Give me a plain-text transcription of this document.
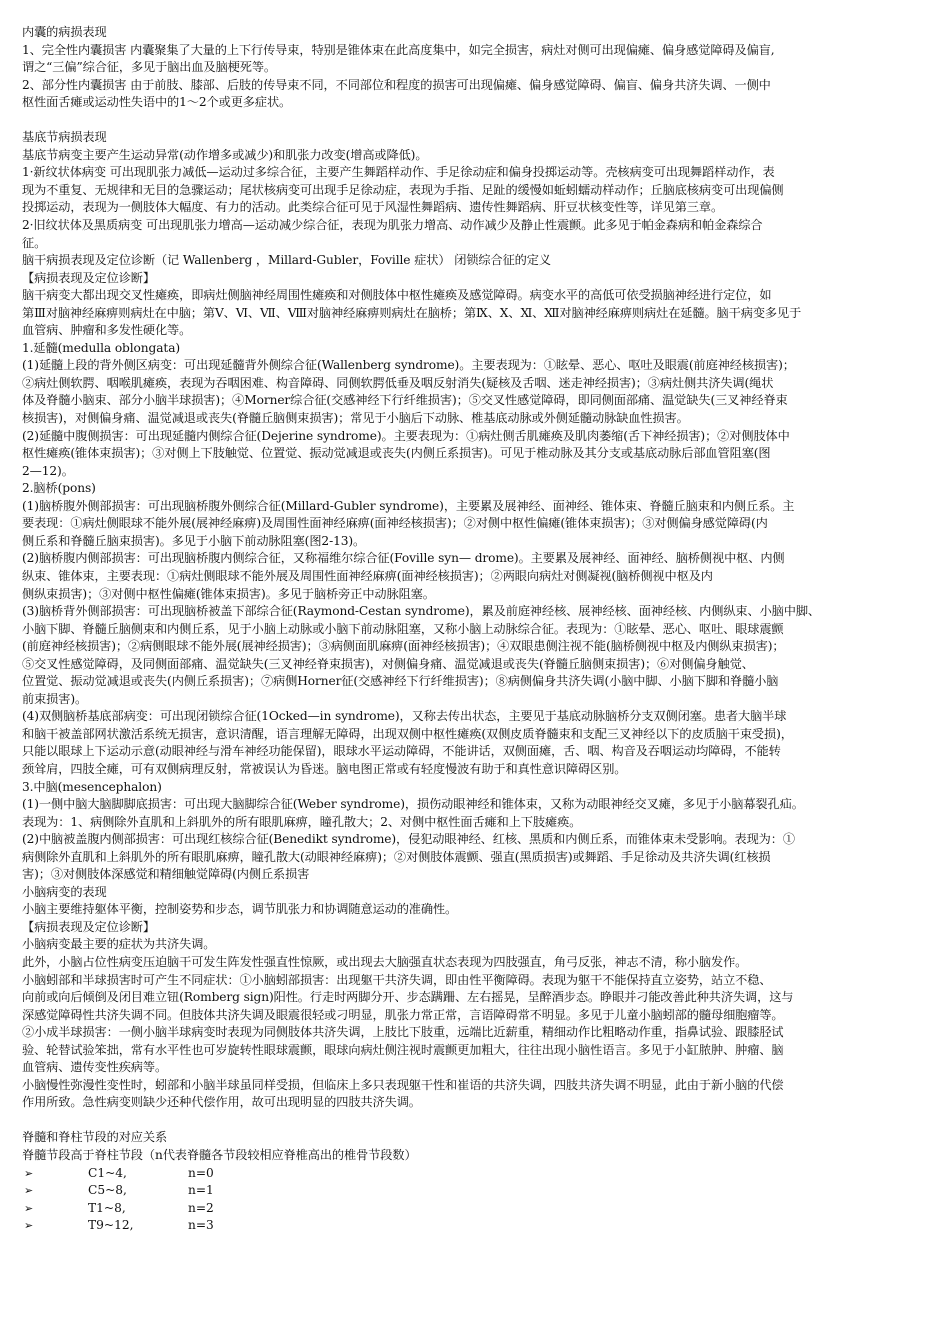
内囊的病损表现
1、完全性内囊损害 内囊聚集了大量的上下行传导束，特别是锥体束在此高度集中，如完全损害，病灶对侧可出现偏瘫、偏身感觉障碍及偏盲,
谓之“三偏”综合征，多见于脑出血及脑梗死等。
2、部分性内囊损害 由于前肢、膝部、后肢的传导束不同，不同部位和程度的损害可出现偏瘫、偏身感觉障碍、偏盲、偏身共济失调、一侧中
枢性面舌瘫或运动性失语中的1～2个或更多症状。
基底节病损表现
基底节病变主要产生运动异常(动作增多或减少)和肌张力改变(增高或降低)。
1·新纹状体病变 可出现肌张力减低—运动过多综合征，主要产生舞蹈样动作、手足徐动症和偏身投掷运动等。壳核病变可出现舞蹈样动作，表
现为不重复、无规律和无目的急骤运动；尾状核病变可出现手足徐动症，表现为手指、足趾的缓慢如蚯蚓蠕动样动作；丘脑底核病变可出现偏侧
投掷运动，表现为一侧肢体大幅度、有力的活动。此类综合征可见于风湿性舞蹈病、遗传性舞蹈病、肝豆状核变性等，详见第三章。
2·旧纹状体及黑质病变 可出现肌张力增高—运动减少综合征，表现为肌张力增高、动作减少及静止性震颤。此多见于帕金森病和帕金森综合
征。
脑干病损表现及定位诊断（记 Wallenberg ，Millard-Gubler，Foville 症状） 闭锁综合征的定义
【病损表现及定位诊断】
脑干病变大都出现交叉性瘫痪，即病灶侧脑神经周围性瘫痪和对侧肢体中枢性瘫痪及感觉障碍。病变水平的高低可依受损脑神经进行定位，如
第Ⅲ对脑神经麻痹则病灶在中脑；第Ⅴ、Ⅵ、Ⅶ、Ⅷ对脑神经麻痹则病灶在脑桥；第Ⅸ、Ⅹ、Ⅺ、Ⅻ对脑神经麻痹则病灶在延髓。脑干病变多见于
血管病、肿瘤和多发性硬化等。
1.延髓(medulla oblongata)
(1)延髓上段的背外侧区病变：可出现延髓背外侧综合征(Wallenberg syndrome)。主要表现为：①眩晕、恶心、呕吐及眼震(前庭神经核损害)；
②病灶侧软腭、咽喉肌瘫痪，表现为吞咽困难、构音障碍、同侧软腭低垂及咽反射消失(疑核及舌咽、迷走神经损害)；③病灶侧共济失调(绳状
体及脊髓小脑束、部分小脑半球损害)；④Morner综合征(交感神经下行纤维损害)；⑤交叉性感觉障碍，即同侧面部痛、温觉缺失(三叉神经脊束
核损害)，对侧偏身痛、温觉减退或丧失(脊髓丘脑侧束损害)；常见于小脑后下动脉、椎基底动脉或外侧延髓动脉缺血性损害。
(2)延髓中腹侧损害：可出现延髓内侧综合征(Dejerine syndrome)。主要表现为：①病灶侧舌肌瘫痪及肌肉萎缩(舌下神经损害)；②对侧肢体中
枢性瘫痪(锥体束损害)；③对侧上下肢触觉、位置觉、振动觉减退或丧失(内侧丘系损害)。可见于椎动脉及其分支或基底动脉后部血管阻塞(图
2—12)。
2.脑桥(pons)
(1)脑桥腹外侧部损害：可出现脑桥腹外侧综合征(Millard-Gubler syndrome)，主要累及展神经、面神经、锥体束、脊髓丘脑束和内侧丘系。主
要表现：①病灶侧眼球不能外展(展神经麻痹)及周围性面神经麻痹(面神经核损害)；②对侧中枢性偏瘫(锥体束损害)；③对侧偏身感觉障碍(内
侧丘系和脊髓丘脑束损害)。多见于小脑下前动脉阻塞(图2-13)。
(2)脑桥腹内侧部损害：可出现脑桥腹内侧综合征，又称福维尔综合征(Foville syn— drome)。主要累及展神经、面神经、脑桥侧视中枢、内侧
纵束、锥体束，主要表现：①病灶侧眼球不能外展及周围性面神经麻痹(面神经核损害)；②两眼向病灶对侧凝视(脑桥侧视中枢及内
侧纵束损害)；③对侧中枢性偏瘫(锥体束损害)。多见于脑桥旁正中动脉阻塞。
(3)脑桥背外侧部损害：可出现脑桥被盖下部综合征(Raymond-Cestan syndrome)，累及前庭神经核、展神经核、面神经核、内侧纵束、小脑中脚、
小脑下脚、脊髓丘脑侧束和内侧丘系，见于小脑上动脉或小脑下前动脉阻塞，又称小脑上动脉综合征。表现为：①眩晕、恶心、呕吐、眼球震颤
(前庭神经核损害)；②病侧眼球不能外展(展神经损害)；③病侧面肌麻痹(面神经核损害)；④双眼患侧注视不能(脑桥侧视中枢及内侧纵束损害)；
⑤交叉性感觉障碍，及同侧面部痛、温觉缺失(三叉神经脊束损害)，对侧偏身痛、温觉减退或丧失(脊髓丘脑侧束损害)；⑥对侧偏身触觉、
位置觉、振动觉减退或丧失(内侧丘系损害)；⑦病侧Horner征(交感神经下行纤维损害)；⑧病侧偏身共济失调(小脑中脚、小脑下脚和脊髓小脑
前束损害)。
(4)双侧脑桥基底部病变：可出现闭锁综合征(1Ocked—in syndrome)，又称去传出状态，主要见于基底动脉脑桥分支双侧闭塞。患者大脑半球
和脑干被盖部网状激活系统无损害，意识清醒，语言理解无障碍，出现双侧中枢性瘫痪(双侧皮质脊髓束和支配三叉神经以下的皮质脑干束受损)，
只能以眼球上下运动示意(动眼神经与滑车神经功能保留)，眼球水平运动障碍，不能讲话，双侧面瘫，舌、咽、构音及吞咽运动均障碍，不能转
颈耸肩，四肢全瘫，可有双侧病理反射，常被误认为昏迷。脑电图正常或有轻度慢波有助于和真性意识障碍区别。
3.中脑(mesencephalon)
(1)一侧中脑大脑脚脚底损害：可出现大脑脚综合征(Weber syndrome)，损伤动眼神经和锥体束，又称为动眼神经交叉瘫，多见于小脑幕裂孔疝。
表现为：1、病侧除外直肌和上斜肌外的所有眼肌麻痹，瞳孔散大；2、对侧中枢性面舌瘫和上下肢瘫痪。
(2)中脑被盖腹内侧部损害：可出现红核综合征(Benedikt syndrome)，侵犯动眼神经、红核、黑质和内侧丘系，而锥体束未受影响。表现为：①
病侧除外直肌和上斜肌外的所有眼肌麻痹，瞳孔散大(动眼神经麻痹)；②对侧肢体震颤、强直(黑质损害)或舞蹈、手足徐动及共济失调(红核损
害)；③对侧肢体深感觉和精细触觉障碍(内侧丘系损害
小脑病变的表现
小脑主要维持躯体平衡，控制姿势和步态，调节肌张力和协调随意运动的准确性。
【病损表现及定位诊断】
小脑病变最主要的症状为共济失调。
此外，小脑占位性病变压迫脑干可发生阵发性强直性惊厥，或出现去大脑强直状态表现为四肢强直，角弓反张，神志不清，称小脑发作。
小脑蚓部和半球损害时可产生不同症状：①小脑蚓部损害：出现躯干共济失调，即由性平衡障碍。表现为躯干不能保持直立姿势，站立不稳、
向前或向后倾倒及闭目难立钮(Romberg sign)阳性。行走时两脚分开、步态蹒跚、左右摇晃，呈醉酒步态。睁眼并刁能改善此种共济失调，这与
深感觉障碍性共济失调不同。但肢体共济失调及眼震很轻或刁明显，肌张力常正常，言语障碍常不明显。多见于儿童小脑蚓部的髓母细胞瘤等。
②小成半球损害：一侧小脑半球病变时表现为同侧肢体共济失调，上肢比下肢重，远端比近薪重，精细动作比粗略动作重，指鼻试验、跟膝胫试
验、轮替试验笨拙，常有水平性也可岁旋转性眼球震颤，眼球向病灶侧注视时震颤更加粗大，往往出现小脑性语言。多见于小缸脓肿、肿瘤、脑
血管病、遗传变性疾病等。
小脑慢性弥漫性变性时，蚓部和小脑半球虽同样受损，但临床上多只表现躯干性和崔语的共济失调，四肢共济失调不明显，此由于新小脑的代偿
作用所致。急性病变则缺少还种代偿作用，故可出现明显的四肢共济失调。
脊髓和脊柱节段的对应关系
脊髓节段高于脊柱节段（n代表脊髓各节段较相应脊椎高出的椎骨节段数）
➢	C1~4,	n=0
➢	C5~8,	n=1
➢	T1~8,	n=2
➢	T9~12,	n=3
